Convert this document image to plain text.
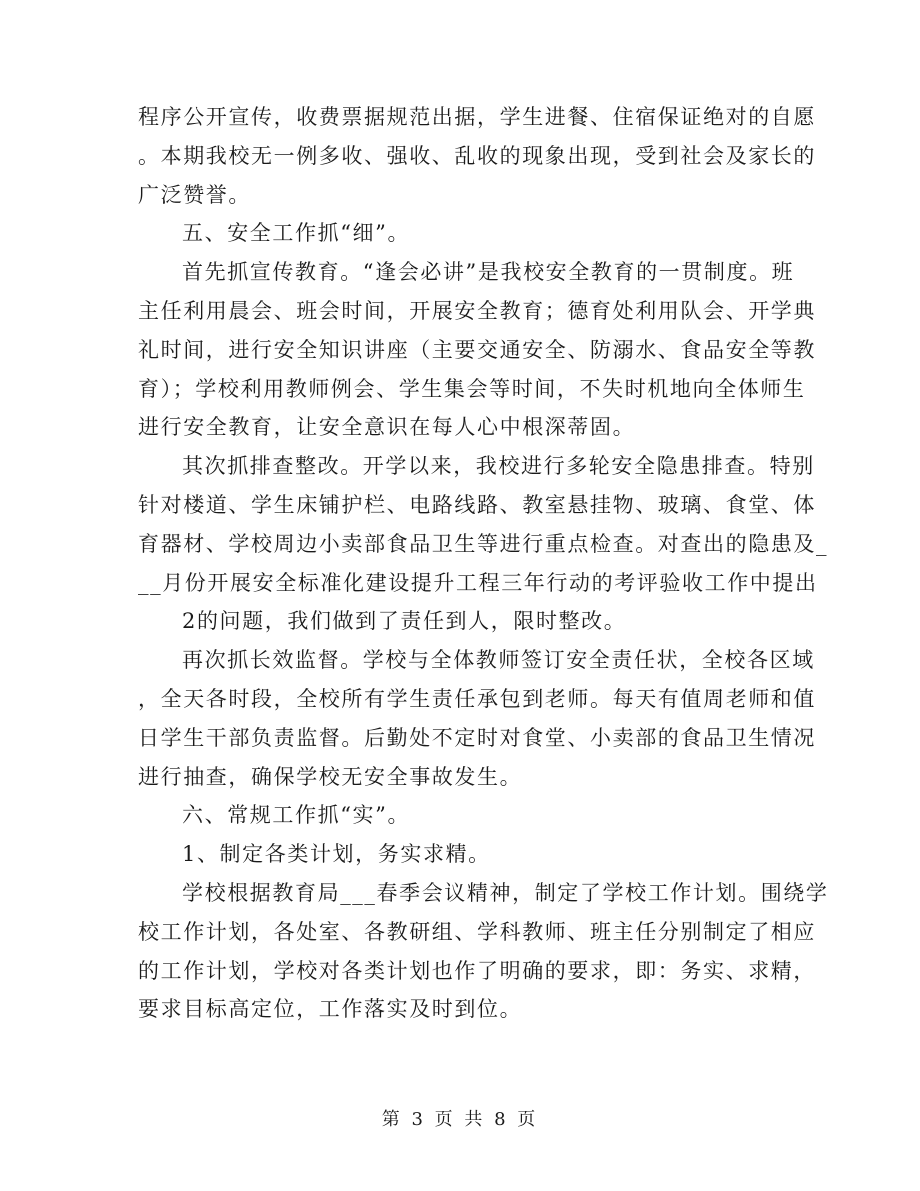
程序公开宣传，收费票据规范出据，学生进餐、住宿保证绝对的自愿
。本期我校无一例多收、强收、乱收的现象出现，受到社会及家长的
广泛赞誉。
五、安全工作抓“细”。
首先抓宣传教育。“逢会必讲”是我校安全教育的一贯制度。班
主任利用晨会、班会时间，开展安全教育；德育处利用队会、开学典
礼时间，进行安全知识讲座（主要交通安全、防溺水、食品安全等教
育）；学校利用教师例会、学生集会等时间，不失时机地向全体师生
进行安全教育，让安全意识在每人心中根深蒂固。
其次抓排查整改。开学以来，我校进行多轮安全隐患排查。特别
针对楼道、学生床铺护栏、电路线路、教室悬挂物、玻璃、食堂、体
育器材、学校周边小卖部食品卫生等进行重点检查。对查出的隐患及_
__月份开展安全标准化建设提升工程三年行动的考评验收工作中提出
2的问题，我们做到了责任到人，限时整改。
再次抓长效监督。学校与全体教师签订安全责任状，全校各区域
，全天各时段，全校所有学生责任承包到老师。每天有值周老师和值
日学生干部负责监督。后勤处不定时对食堂、小卖部的食品卫生情况
进行抽查，确保学校无安全事故发生。
六、常规工作抓“实”。
1、制定各类计划，务实求精。
学校根据教育局___春季会议精神，制定了学校工作计划。围绕学
校工作计划，各处室、各教研组、学科教师、班主任分别制定了相应
的工作计划，学校对各类计划也作了明确的要求，即：务实、求精，
要求目标高定位，工作落实及时到位。
第 3 页 共 8 页
